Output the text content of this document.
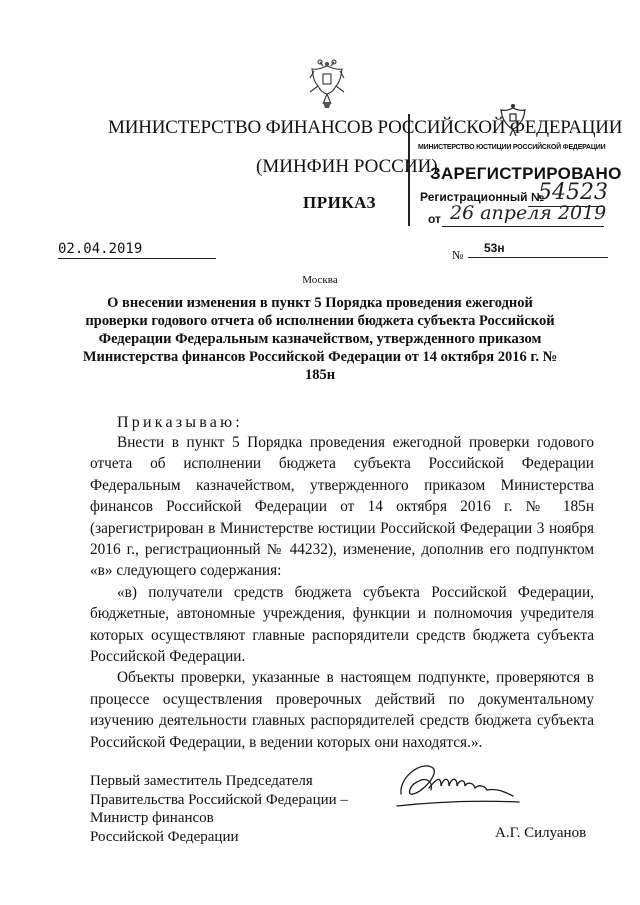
МИНИСТЕРСТВО ФИНАНСОВ РОССИЙСКОЙ ФЕДЕРАЦИИ
(МИНФИН РОССИИ)
ПРИКАЗ
МИНИСТЕРСТВО ЮСТИЦИИ РОССИЙСКОЙ ФЕДЕРАЦИИ
ЗАРЕГИСТРИРОВАНО
Регистрационный №
54523
от 26 апреля 2019
02.04.2019	№	53н
Москва
О внесении изменения в пункт 5 Порядка проведения ежегодной проверки годового отчета об исполнении бюджета субъекта Российской Федерации Федеральным казначейством, утвержденного приказом Министерства финансов Российской Федерации от 14 октября 2016 г. № 185н
Приказываю:

Внести в пункт 5 Порядка проведения ежегодной проверки годового отчета об исполнении бюджета субъекта Российской Федерации Федеральным казначейством, утвержденного приказом Министерства финансов Российской Федерации от 14 октября 2016 г. № 185н (зарегистрирован в Министерстве юстиции Российской Федерации 3 ноября 2016 г., регистрационный № 44232), изменение, дополнив его подпунктом «в» следующего содержания:

«в) получатели средств бюджета субъекта Российской Федерации, бюджетные, автономные учреждения, функции и полномочия учредителя которых осуществляют главные распорядители средств бюджета субъекта Российской Федерации.

Объекты проверки, указанные в настоящем подпункте, проверяются в процессе осуществления проверочных действий по документальному изучению деятельности главных распорядителей средств бюджета субъекта Российской Федерации, в ведении которых они находятся.».

Первый заместитель Председателя
Правительства Российской Федерации –
Министр финансов
Российской Федерации	А.Г. Силуанов
